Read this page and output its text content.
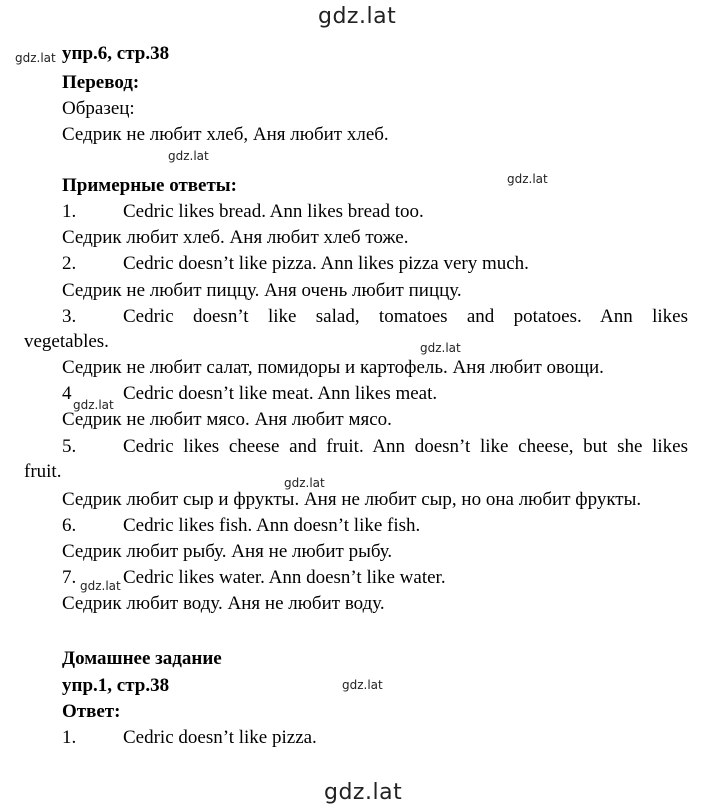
gdz.lat
gdz.lat
gdz.lat
gdz.lat
gdz.lat
gdz.lat
gdz.lat
gdz.lat
gdz.lat
gdz.lat
упр.6, стр.38
Перевод:
Образец:
Седрик не любит хлеб, Аня любит хлеб.
Примерные ответы:
1. Cedric likes bread. Ann likes bread too.
Седрик любит хлеб. Аня любит хлеб тоже.
2. Cedric doesn’t like pizza. Ann likes pizza very much.
Седрик не любит пиццу. Аня очень любит пиццу.
3. Cedric doesn’t like salad, tomatoes and potatoes. Ann likes
vegetables.
Седрик не любит салат, помидоры и картофель. Аня любит овощи.
4	Cedric doesn’t like meat. Ann likes meat.
Седрик не любит мясо. Аня любит мясо.
5. Cedric likes cheese and fruit. Ann doesn’t like cheese, but she likes
fruit.
Седрик любит сыр и фрукты. Аня не любит сыр, но она любит фрукты.
6. Cedric likes fish. Ann doesn’t like fish.
Седрик любит рыбу. Аня не любит рыбу.
7. Cedric likes water. Ann doesn’t like water.
Седрик любит воду. Аня не любит воду.
Домашнее задание
упр.1, стр.38
Ответ:
1. Cedric doesn’t like pizza.
